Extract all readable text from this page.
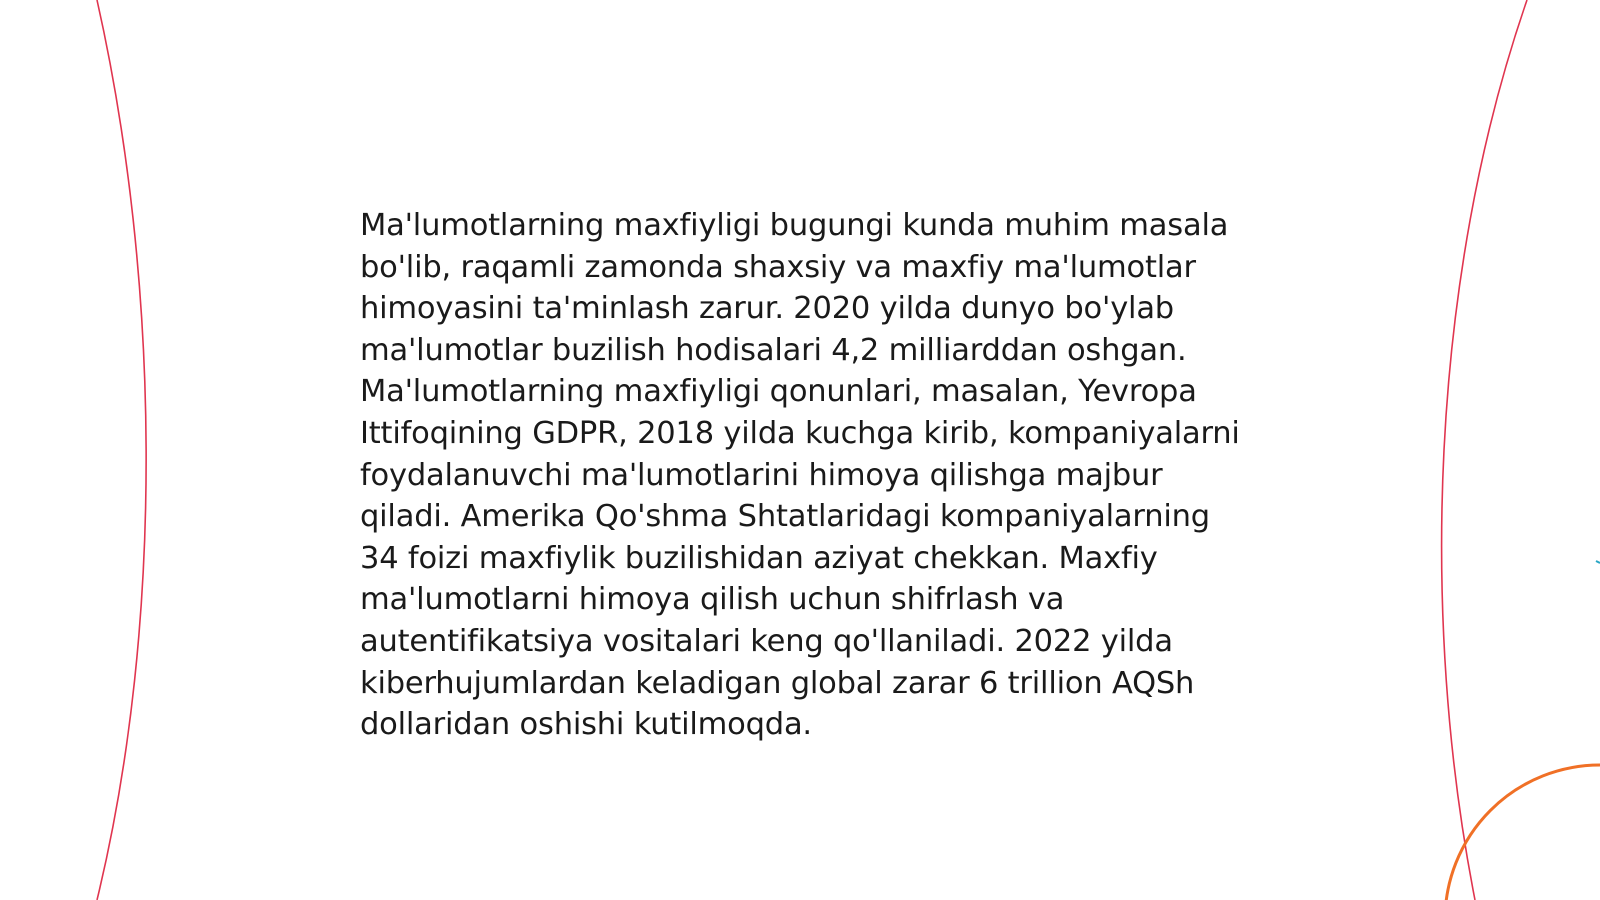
Ma'lumotlarning maxfiyligi bugungi kunda muhim masala bo'lib, raqamli zamonda shaxsiy va maxfiy ma'lumotlar himoyasini ta'minlash zarur. 2020 yilda dunyo bo'ylab ma'lumotlar buzilish hodisalari 4,2 milliarddan oshgan. Ma'lumotlarning maxfiyligi qonunlari, masalan, Yevropa Ittifoqining GDPR, 2018 yilda kuchga kirib, kompaniyalarni foydalanuvchi ma'lumotlarini himoya qilishga majbur qiladi. Amerika Qo'shma Shtatlaridagi kompaniyalarning 34 foizi maxfiylik buzilishidan aziyat chekkan. Maxfiy ma'lumotlarni himoya qilish uchun shifrlash va autentifikatsiya vositalari keng qo'llaniladi. 2022 yilda kiberhujumlardan keladigan global zarar 6 trillion AQSh dollaridan oshishi kutilmoqda.
